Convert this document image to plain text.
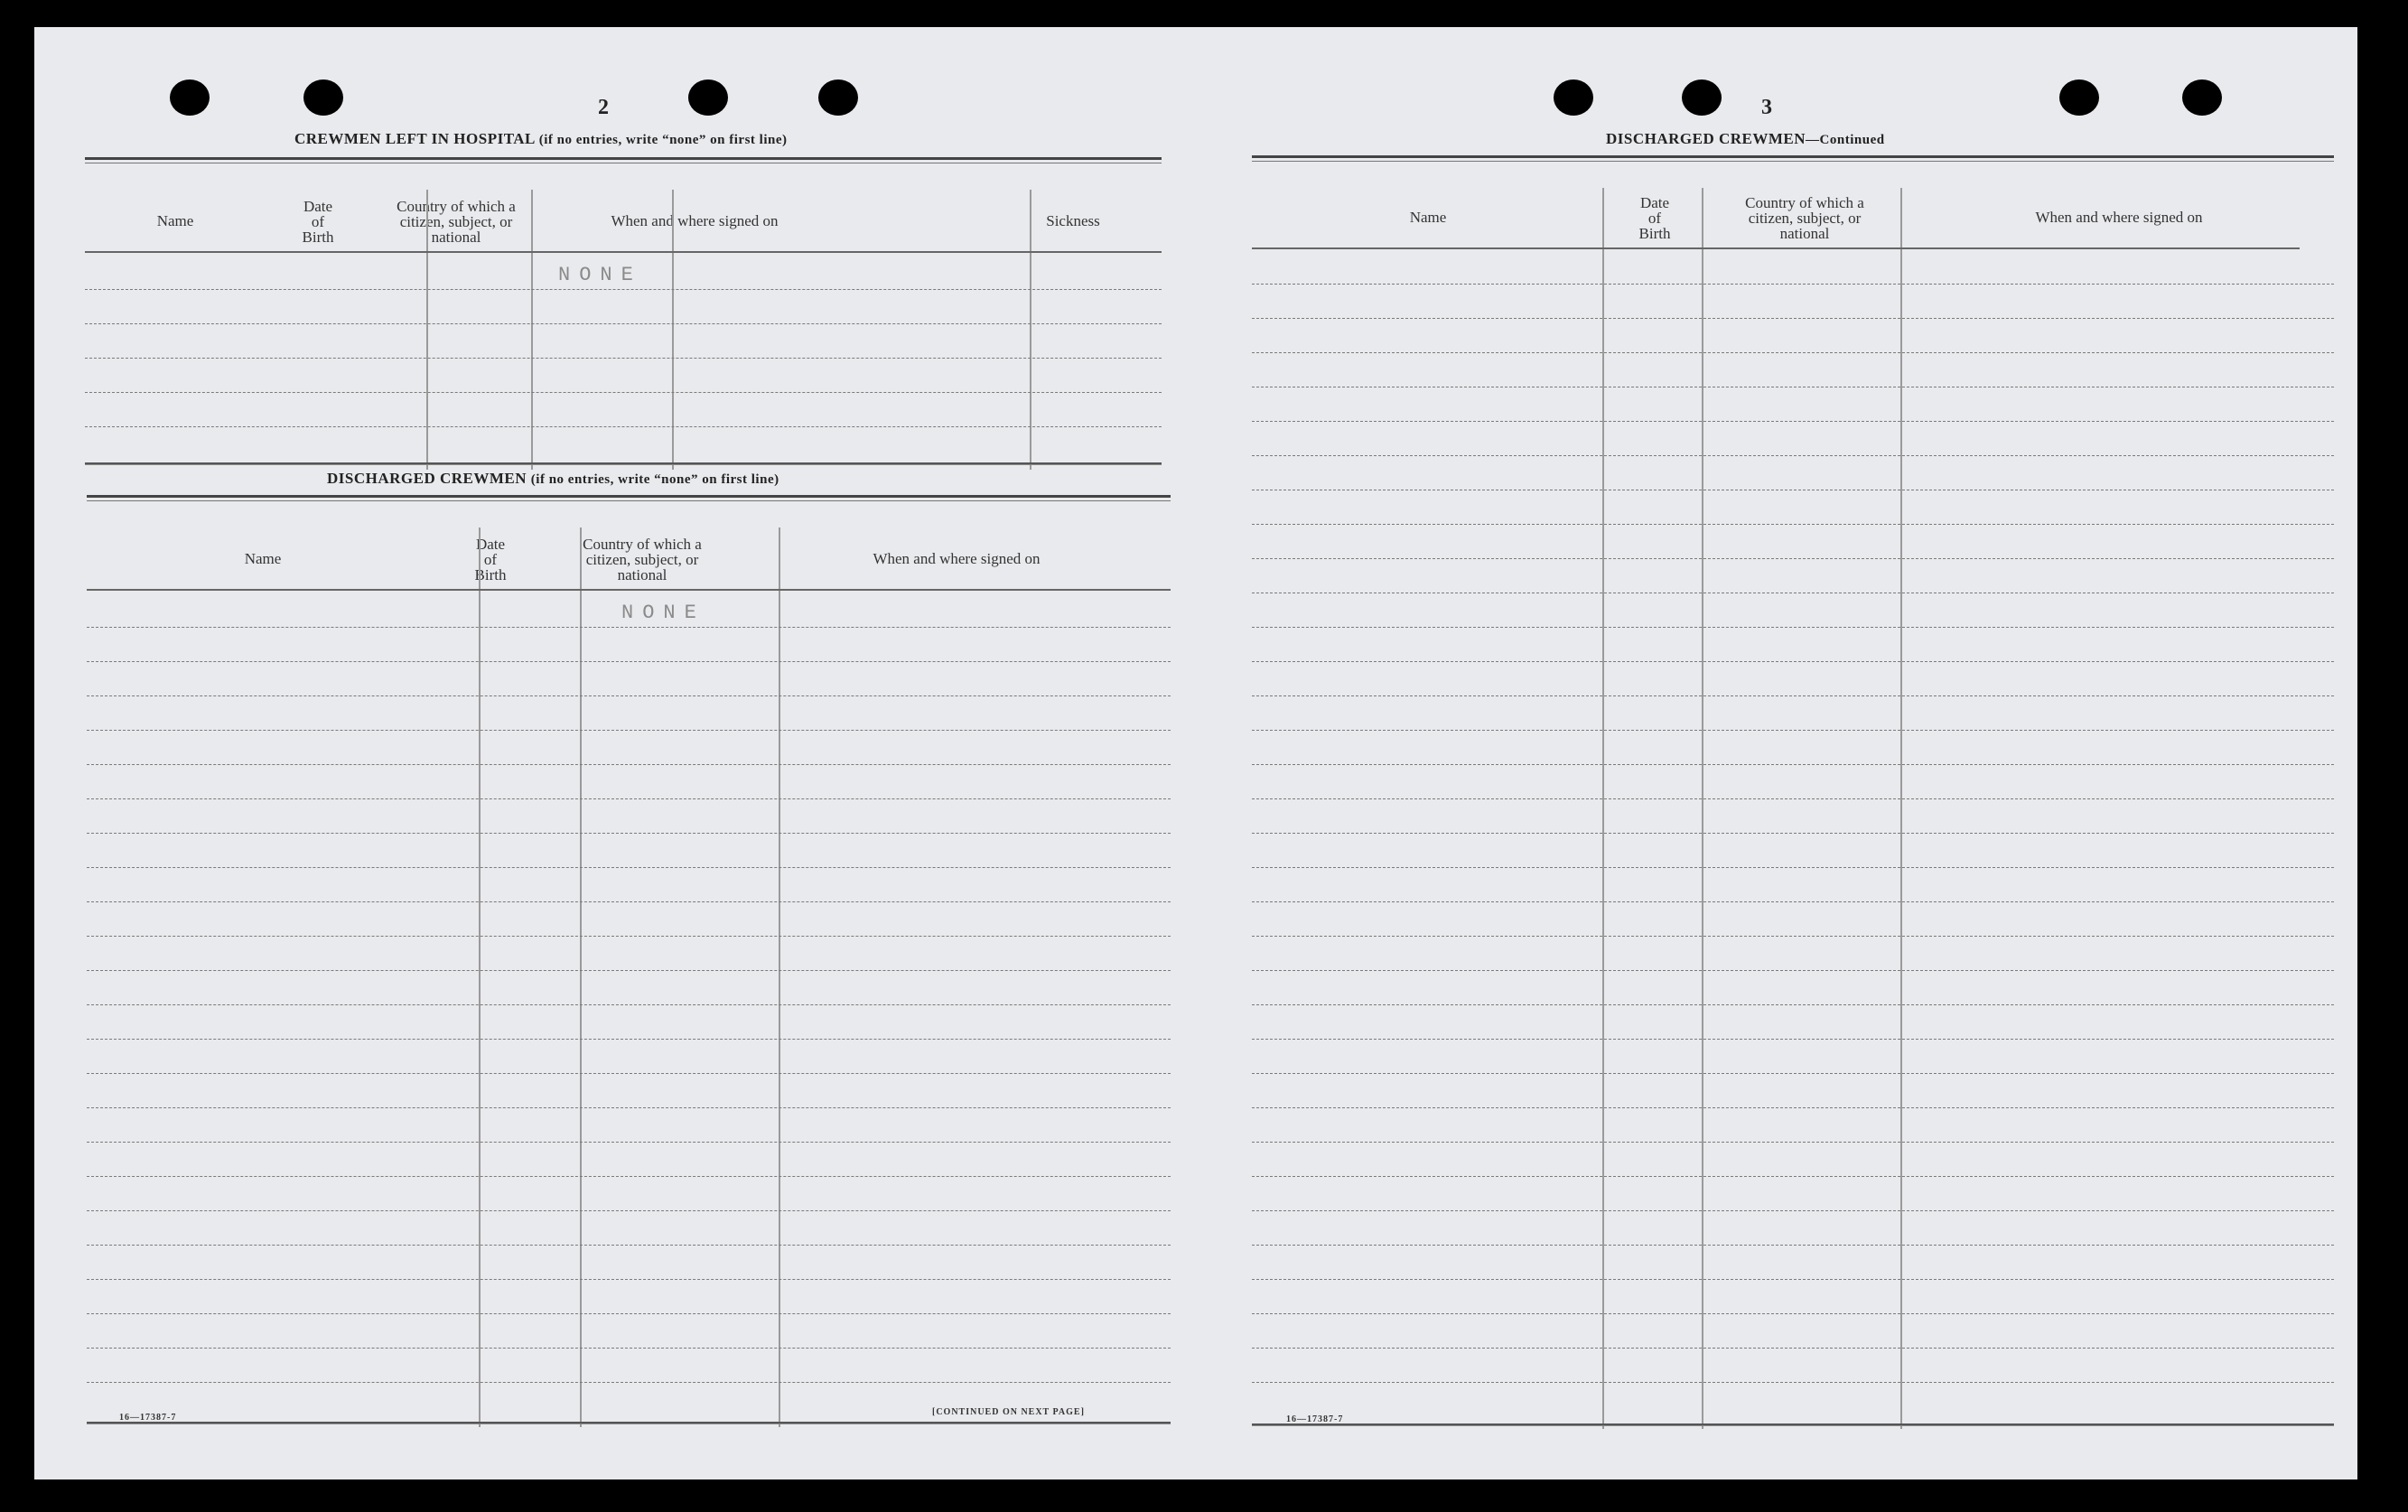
2
CREWMEN LEFT IN HOSPITAL (if no entries, write “none” on first line)
Name
Date
of
Birth
Country of which a
citizen, subject, or
national
When and where signed on	Sickness
NONE
DISCHARGED CREWMEN (if no entries, write “none” on first line)
Name
Date
of
Birth
Country of which a
citizen, subject, or
national
When and where signed on
NONE
16—17387-7
[CONTINUED ON NEXT PAGE]
3
DISCHARGED CREWMEN—Continued
Name
Date
of
Birth
Country of which a
citizen, subject, or
national
When and where signed on
16—17387-7
